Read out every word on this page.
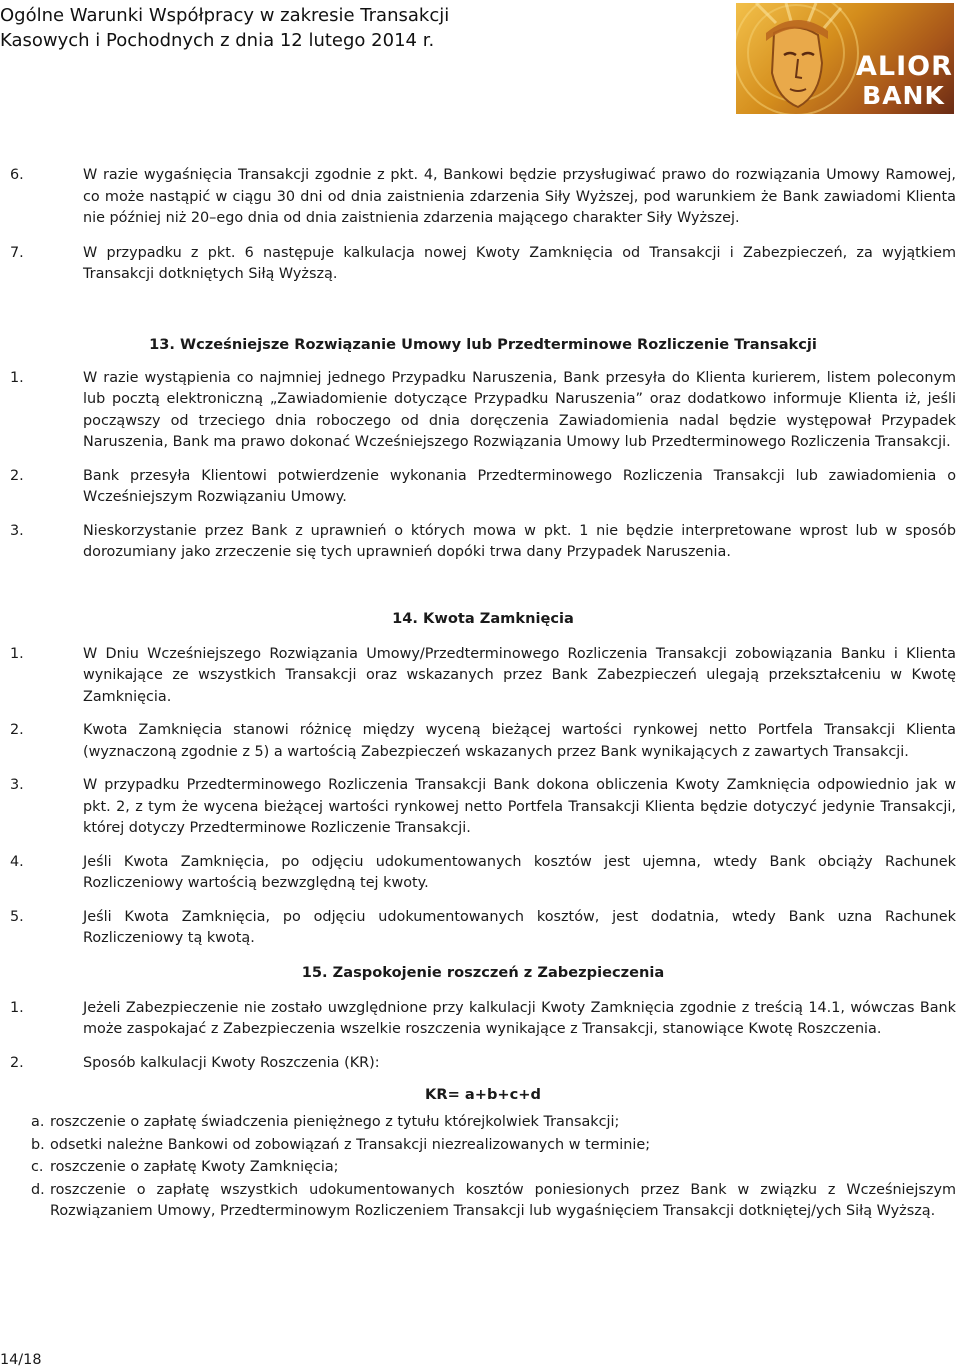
Ogólne Warunki Współpracy w zakresie Transakcji
Kasowych i Pochodnych z dnia 12 lutego 2014 r.
ALIOR
BANK
6.	W razie wygaśnięcia Transakcji zgodnie z pkt. 4, Bankowi będzie przysługiwać prawo do rozwiązania Umowy Ramowej, co może nastąpić w ciągu 30 dni od dnia zaistnienia zdarzenia Siły Wyższej, pod warunkiem że Bank zawiadomi Klienta nie później niż 20–ego dnia od dnia zaistnienia zdarzenia mającego charakter Siły Wyższej.
7.	W przypadku z pkt. 6 następuje kalkulacja nowej Kwoty Zamknięcia od Transakcji i Zabezpieczeń, za wyjątkiem Transakcji dotkniętych Siłą Wyższą.
13. Wcześniejsze Rozwiązanie Umowy lub Przedterminowe Rozliczenie Transakcji
1.	W razie wystąpienia co najmniej jednego Przypadku Naruszenia, Bank przesyła do Klienta kurierem, listem poleconym lub pocztą elektroniczną „Zawiadomienie dotyczące Przypadku Naruszenia” oraz dodatkowo informuje Klienta iż, jeśli począwszy od trzeciego dnia roboczego od dnia doręczenia Zawiadomienia nadal będzie występował Przypadek Naruszenia, Bank ma prawo dokonać Wcześniejszego Rozwiązania Umowy lub Przedterminowego Rozliczenia Transakcji.
2.	Bank przesyła Klientowi potwierdzenie wykonania Przedterminowego Rozliczenia Transakcji lub zawiadomienia o Wcześniejszym Rozwiązaniu Umowy.
3.	Nieskorzystanie przez Bank z uprawnień o których mowa w pkt. 1 nie będzie interpretowane wprost lub w sposób dorozumiany jako zrzeczenie się tych uprawnień dopóki trwa dany Przypadek Naruszenia.
14. Kwota Zamknięcia
1.	W Dniu Wcześniejszego Rozwiązania Umowy/Przedterminowego Rozliczenia Transakcji zobowiązania Banku i Klienta wynikające ze wszystkich Transakcji oraz wskazanych przez Bank Zabezpieczeń ulegają przekształceniu w Kwotę Zamknięcia.
2.	Kwota Zamknięcia stanowi różnicę między wyceną bieżącej wartości rynkowej netto Portfela Transakcji Klienta (wyznaczoną zgodnie z 5) a wartością Zabezpieczeń wskazanych przez Bank wynikających z zawartych Transakcji.
3.	W przypadku Przedterminowego Rozliczenia Transakcji Bank dokona obliczenia Kwoty Zamknięcia odpowiednio jak w pkt. 2, z tym że wycena bieżącej wartości rynkowej netto Portfela Transakcji Klienta będzie dotyczyć jedynie Transakcji, której dotyczy Przedterminowe Rozliczenie Transakcji.
4.	Jeśli Kwota Zamknięcia, po odjęciu udokumentowanych kosztów jest ujemna, wtedy Bank obciąży Rachunek Rozliczeniowy wartością bezwzględną tej kwoty.
5.	Jeśli Kwota Zamknięcia, po odjęciu udokumentowanych kosztów, jest dodatnia, wtedy Bank uzna Rachunek Rozliczeniowy tą kwotą.
15. Zaspokojenie roszczeń z Zabezpieczenia
1.	Jeżeli Zabezpieczenie nie zostało uwzględnione przy kalkulacji Kwoty Zamknięcia zgodnie z treścią 14.1, wówczas Bank może zaspokajać z Zabezpieczenia wszelkie roszczenia wynikające z Transakcji, stanowiące Kwotę Roszczenia.
2.	Sposób kalkulacji Kwoty Roszczenia (KR):
KR= a+b+c+d
a. roszczenie o zapłatę świadczenia pieniężnego z tytułu którejkolwiek Transakcji;
b. odsetki należne Bankowi od zobowiązań z Transakcji niezrealizowanych w terminie;
c. roszczenie o zapłatę Kwoty Zamknięcia;
d. roszczenie o zapłatę wszystkich udokumentowanych kosztów poniesionych przez Bank w związku z Wcześniejszym Rozwiązaniem Umowy, Przedterminowym Rozliczeniem Transakcji lub wygaśnięciem Transakcji dotkniętej/ych Siłą Wyższą.
14/18
